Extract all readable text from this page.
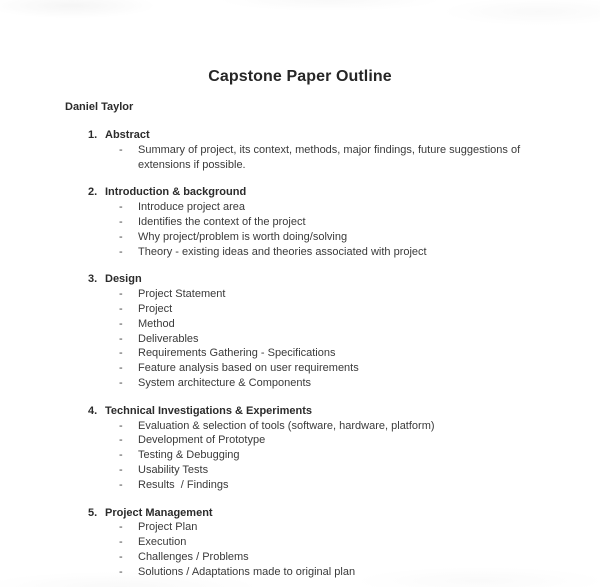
Capstone Paper Outline

Daniel Taylor

1. Abstract
-	Summary of project, its context, methods, major findings, future suggestions of extensions if possible.
2. Introduction & background
-	Introduce project area
-	Identifies the context of the project
-	Why project/problem is worth doing/solving
-	Theory - existing ideas and theories associated with project
3. Design
-	Project Statement
-	Project
-	Method
-	Deliverables
-	Requirements Gathering - Specifications
-	Feature analysis based on user requirements
-	System architecture & Components
4. Technical Investigations & Experiments
-	Evaluation & selection of tools (software, hardware, platform)
-	Development of Prototype
-	Testing & Debugging
-	Usability Tests
-	Results  / Findings
5. Project Management
-	Project Plan
-	Execution
-	Challenges / Problems
-	Solutions / Adaptations made to original plan
